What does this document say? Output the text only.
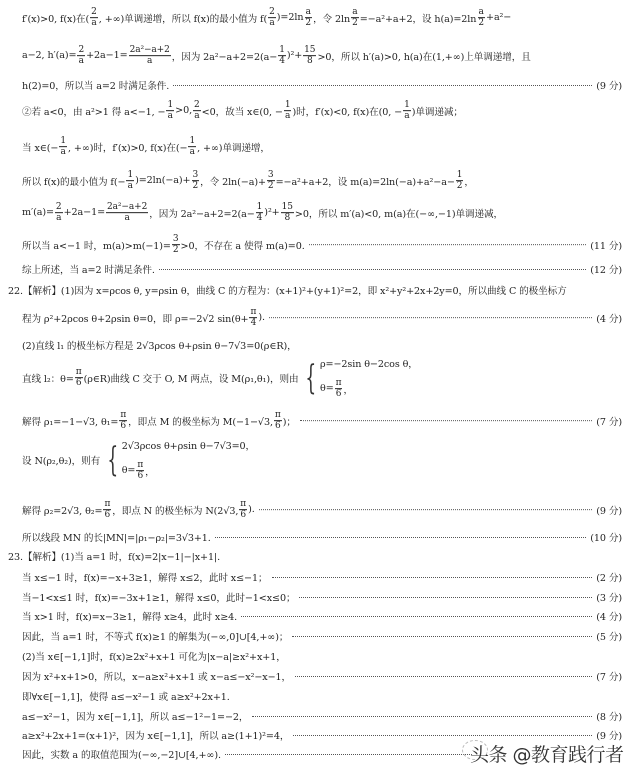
f′(x)>0, f(x)在( $\frac{2}{a}$ , +∞)单调递增，所以 f(x)的最小值为 $f( \frac{2}{a} )=2\ln \frac{a}{2}$ ，令 $2\ln \frac{a}{2} =-a^2+a+2$，设 $h(a)=2\ln \frac{a}{2} +a^2-$
a−2, $h'(a)= \frac{2}{a} +2a-1= \frac{\text{2a²−a+2}}{a}$ ，因为 $2a^2-a+2=2(a- \frac{1}{4} )^2+ \frac{15}{8} >0$，所以 h′(a)>0, h(a)在(1,+∞)上单调递增，且
h(2)=0，所以当 a=2 时满足条件.	(9 分)
②若 a<0，由 a²>1 得 a<−1, − $\frac{1}{a} >0$, $\frac{2}{a} <0$，故当 x∈(0, − $\frac{1}{a}$ )时，f′(x)<0, f(x)在(0, − $\frac{1}{a}$ )单调递减；
当 x∈(− $\frac{1}{a}$ , +∞)时，f′(x)>0, f(x)在(− $\frac{1}{a}$ , +∞)单调递增，
所以 f(x)的最小值为 $f(- \frac{1}{a} )=2\ln(-a)+ \frac{3}{2}$ ，令 $2\ln(-a)+ \frac{3}{2} =-a^2+a+2$，设 $m(a)=2\ln(-a)+a^2-a- \frac{1}{2}$ ，
$m'(a)= \frac{2}{a} +2a-1= \frac{\text{2a²−a+2}}{a}$ ，因为 $2a^2-a+2=2(a- \frac{1}{4} )^2+ \frac{15}{8} >0$，所以 m′(a)<0, m(a)在(−∞,−1)单调递减，
所以当 a<−1 时，$m(a)>m(-1)= \frac{3}{2} >0$，不存在 a 使得 m(a)=0.	(11 分)
综上所述，当 a=2 时满足条件.	(12 分)
22.【解析】(1)因为 x=ρcos θ, y=ρsin θ，曲线 C 的方程为：(x+1)²+(y+1)²=2，即 x²+y²+2x+2y=0，所以曲线 C 的极坐标方
程为 ρ²+2ρcos θ+2ρsin θ=0，即 ρ=−2√2 $\sin(\theta+ \frac{\pi}{4}$ ).	(4 分)
(2)直线 l₁ 的极坐标方程是 2√3ρcos θ+ρsin θ−7√3=0(ρ∈R)，
直线 l₂：$\theta= \frac{\pi}{6}$ (ρ∈R)曲线 C 交于 O, M 两点，设 M(ρ₁,θ₁)，则由 { ρ=−2sin θ−2cos θ，
$\theta= \frac{\pi}{6}$ ，
解得 ρ₁=−1−√3, $\theta_1= \frac{\pi}{6}$ ，即点 M 的极坐标为 M(−1−√3, $\frac{\pi}{6}$ )；	(7 分)
设 N(ρ₂,θ₂)，则有 { 2√3ρcos θ+ρsin θ−7√3=0，
$\theta= \frac{\pi}{6}$ ，
解得 ρ₂=2√3, $\theta_2= \frac{\pi}{6}$ ，即点 N 的极坐标为 N(2√3, $\frac{\pi}{6}$ ).	(9 分)
所以线段 MN 的长|MN|=|ρ₁−ρ₂|=3√3+1.	(10 分)
23.【解析】(1)当 a=1 时，f(x)=2|x−1|−|x+1|.
当 x≤−1 时，f(x)=−x+3≥1，解得 x≤2，此时 x≤−1；	(2 分)
当−1<x≤1 时，f(x)=−3x+1≥1，解得 x≤0，此时−1<x≤0；	(3 分)
当 x>1 时，f(x)=x−3≥1，解得 x≥4，此时 x≥4.	(4 分)
因此，当 a=1 时，不等式 f(x)≥1 的解集为(−∞,0]∪[4,+∞)；	(5 分)
(2)当 x∈[−1,1]时，f(x)≥2x²+x+1 可化为|x−a|≥x²+x+1，
因为 x²+x+1>0，所以，x−a≥x²+x+1 或 x−a≤−x²−x−1，	(7 分)
即∀x∈[−1,1]，使得 a≤−x²−1 或 a≥x²+2x+1.
a≤−x²−1，因为 x∈[−1,1]，所以 a≤−1²−1=−2，	(8 分)
a≥x²+2x+1=(x+1)²，因为 x∈[−1,1]，所以 a≥(1+1)²=4，	(9 分)
因此，实数 a 的取值范围为(−∞,−2]∪[4,+∞).	头条 @教育践行者
